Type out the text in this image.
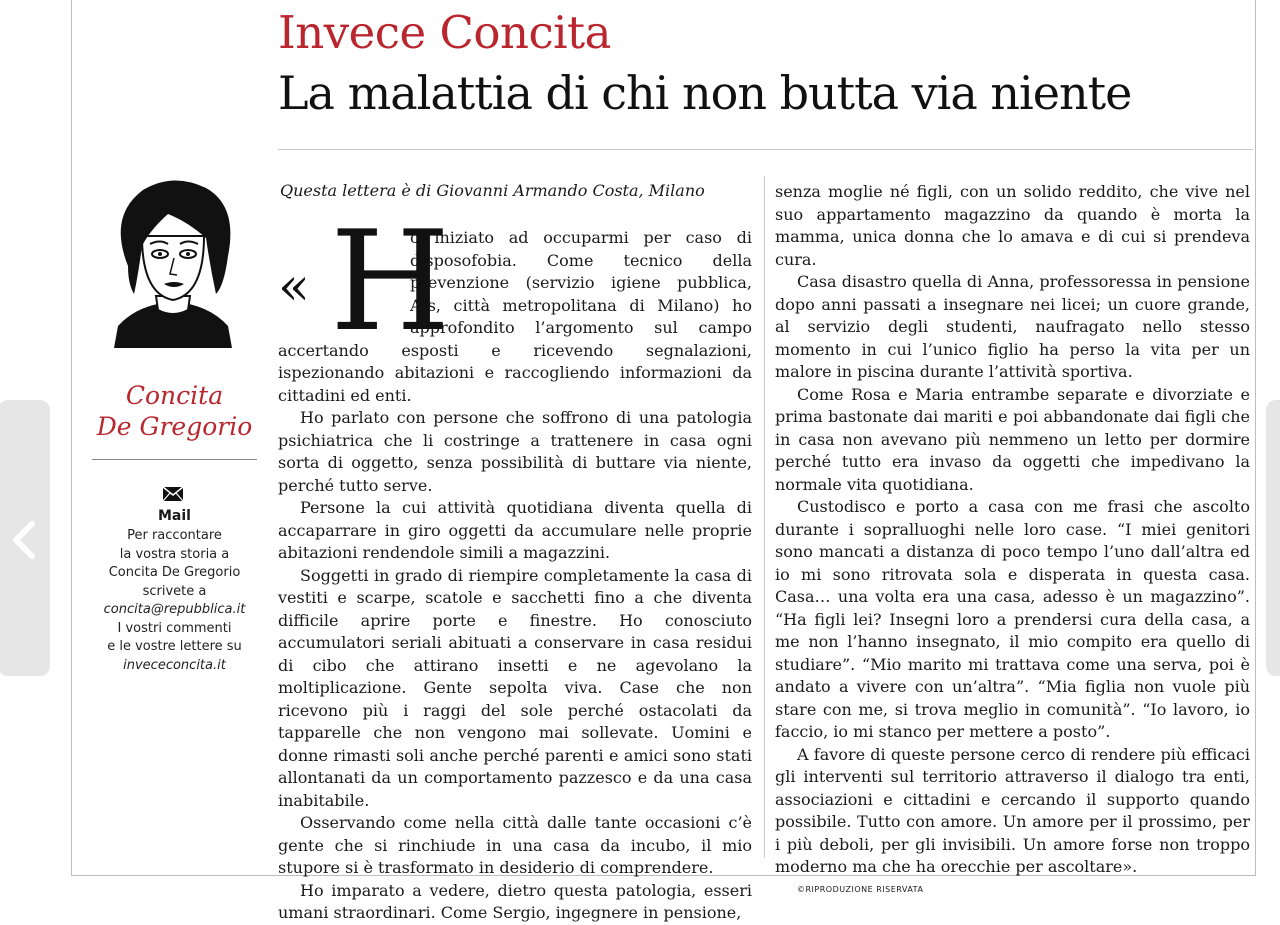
Invece Concita
La malattia di chi non butta via niente
Concita
De Gregorio
Mail
Per raccontare
la vostra storia a
Concita De Gregorio
scrivete a
concita@repubblica.it
I vostri commenti
e le vostre lettere su
invececoncita.it
Questa lettera è di Giovanni Armando Costa, Milano
« H

o iniziato ad occuparmi per caso di disposofobia. Come tecnico della prevenzione (servizio igiene pubblica, Ats, città metropolitana di Milano) ho approfondito l’argomento sul campo accertando esposti e ricevendo segnalazioni, ispezionando abitazioni e raccogliendo informazioni da cittadini ed enti.

Ho parlato con persone che soffrono di una patologia psichiatrica che li costringe a trattenere in casa ogni sorta di oggetto, senza possibilità di buttare via niente, perché tutto serve.

Persone la cui attività quotidiana diventa quella di accaparrare in giro oggetti da accumulare nelle proprie abitazioni rendendole simili a magazzini.

Soggetti in grado di riempire completamente la casa di vestiti e scarpe, scatole e sacchetti fino a che diventa difficile aprire porte e finestre. Ho conosciuto accumulatori seriali abituati a conservare in casa residui di cibo che attirano insetti e ne agevolano la moltiplicazione. Gente sepolta viva. Case che non ricevono più i raggi del sole perché ostacolati da tapparelle che non vengono mai sollevate. Uomini e donne rimasti soli anche perché parenti e amici sono stati allontanati da un comportamento pazzesco e da una casa inabitabile.

Osservando come nella città dalle tante occasioni c’è gente che si rinchiude in una casa da incubo, il mio stupore si è trasformato in desiderio di comprendere.

Ho imparato a vedere, dietro questa patologia, esseri umani straordinari. Come Sergio, ingegnere in pensione,

senza moglie né figli, con un solido reddito, che vive nel suo appartamento magazzino da quando è morta la mamma, unica donna che lo amava e di cui si prendeva cura.

Casa disastro quella di Anna, professoressa in pensione dopo anni passati a insegnare nei licei; un cuore grande, al servizio degli studenti, naufragato nello stesso momento in cui l’unico figlio ha perso la vita per un malore in piscina durante l’attività sportiva.

Come Rosa e Maria entrambe separate e divorziate e prima bastonate dai mariti e poi abbandonate dai figli che in casa non avevano più nemmeno un letto per dormire perché tutto era invaso da oggetti che impedivano la normale vita quotidiana.

Custodisco e porto a casa con me frasi che ascolto durante i sopralluoghi nelle loro case. “I miei genitori sono mancati a distanza di poco tempo l’uno dall’altra ed io mi sono ritrovata sola e disperata in questa casa. Casa… una volta era una casa, adesso è un magazzino”. “Ha figli lei? Insegni loro a prendersi cura della casa, a me non l’hanno insegnato, il mio compito era quello di studiare”. “Mio marito mi trattava come una serva, poi è andato a vivere con un’altra”. “Mia figlia non vuole più stare con me, si trova meglio in comunità”. “Io lavoro, io faccio, io mi stanco per mettere a posto”.

A favore di queste persone cerco di rendere più efficaci gli interventi sul territorio attraverso il dialogo tra enti, associazioni e cittadini e cercando il supporto quando possibile. Tutto con amore. Un amore per il prossimo, per i più deboli, per gli invisibili. Un amore forse non troppo moderno ma che ha orecchie per ascoltare».

©RIPRODUZIONE RISERVATA
